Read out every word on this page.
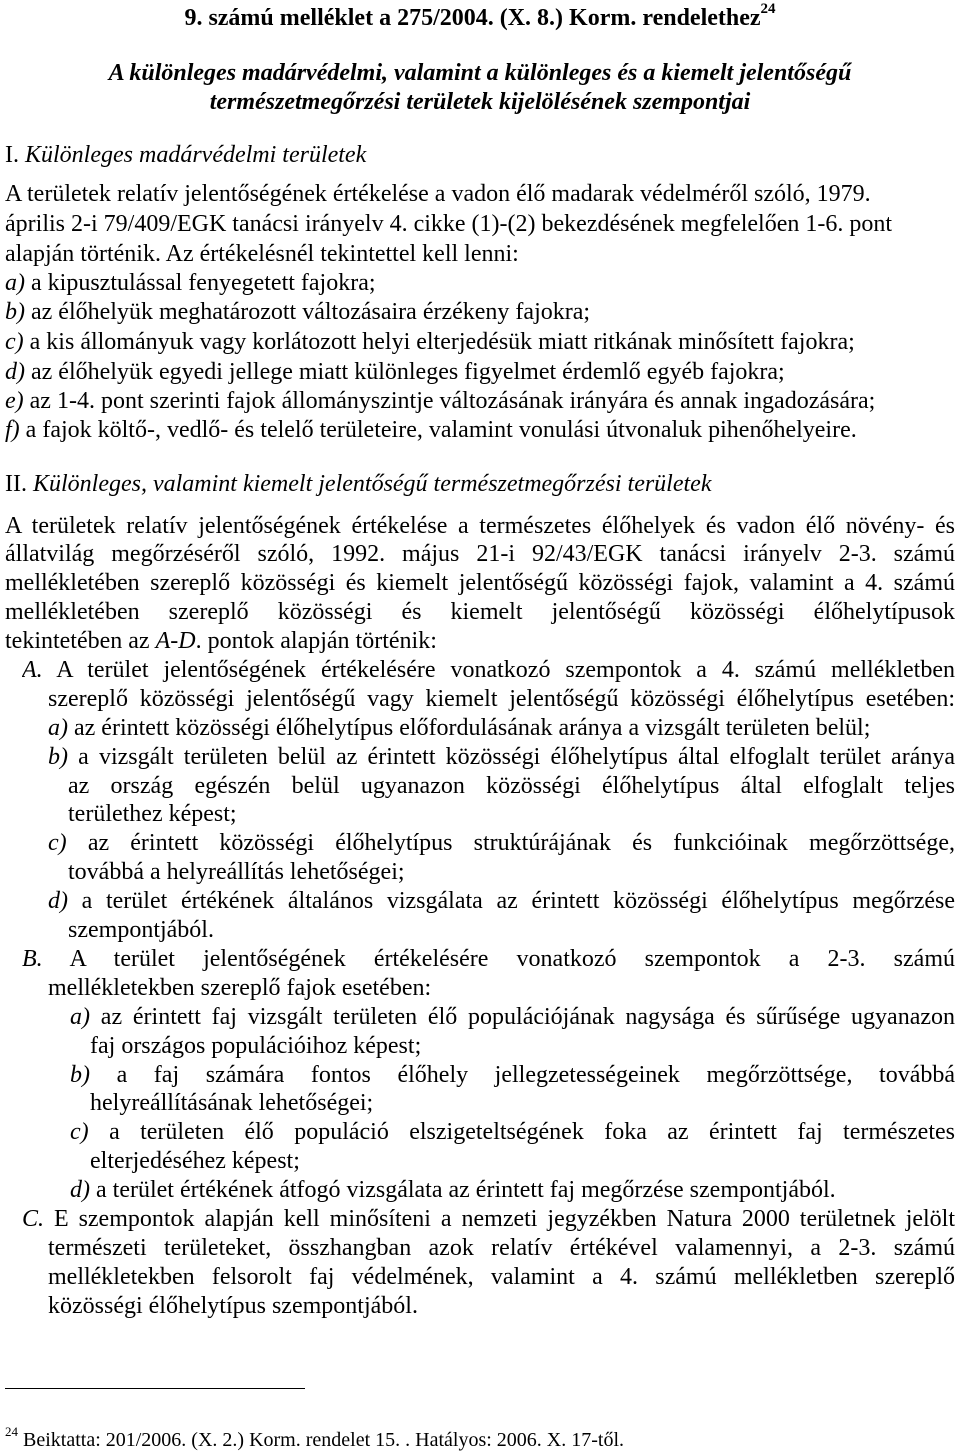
9. számú melléklet a 275/2004. (X. 8.) Korm. rendelethez$^{24}$
A különleges madárvédelmi, valamint a különleges és a kiemelt jelentőségű
természetmegőrzési területek kijelölésének szempontjai
I. Különleges madárvédelmi területek
A területek relatív jelentőségének értékelése a vadon élő madarak védelméről szóló, 1979.
április 2-i 79/409/EGK tanácsi irányelv 4. cikke (1)-(2) bekezdésének megfelelően 1-6. pont
alapján történik. Az értékelésnél tekintettel kell lenni:
a) a kipusztulással fenyegetett fajokra;
b) az élőhelyük meghatározott változásaira érzékeny fajokra;
c) a kis állományuk vagy korlátozott helyi elterjedésük miatt ritkának minősített fajokra;
d) az élőhelyük egyedi jellege miatt különleges figyelmet érdemlő egyéb fajokra;
e) az 1-4. pont szerinti fajok állományszintje változásának irányára és annak ingadozására;
f) a fajok költő-, vedlő- és telelő területeire, valamint vonulási útvonaluk pihenőhelyeire.
II. Különleges, valamint kiemelt jelentőségű természetmegőrzési területek
A területek relatív jelentőségének értékelése a természetes élőhelyek és vadon élő növény- és
állatvilág megőrzéséről szóló, 1992. május 21-i 92/43/EGK tanácsi irányelv 2-3. számú
mellékletében szereplő közösségi és kiemelt jelentőségű közösségi fajok, valamint a 4. számú
mellékletében szereplő közösségi és kiemelt jelentőségű közösségi élőhelytípusok
tekintetében az A-D. pontok alapján történik:
A. A terület jelentőségének értékelésére vonatkozó szempontok a 4. számú mellékletben
szereplő közösségi jelentőségű vagy kiemelt jelentőségű közösségi élőhelytípus esetében:
a) az érintett közösségi élőhelytípus előfordulásának aránya a vizsgált területen belül;
b) a vizsgált területen belül az érintett közösségi élőhelytípus által elfoglalt terület aránya
az ország egészén belül ugyanazon közösségi élőhelytípus által elfoglalt teljes
területhez képest;
c) az érintett közösségi élőhelytípus struktúrájának és funkcióinak megőrzöttsége,
továbbá a helyreállítás lehetőségei;
d) a terület értékének általános vizsgálata az érintett közösségi élőhelytípus megőrzése
szempontjából.
B. A terület jelentőségének értékelésére vonatkozó szempontok a 2-3. számú
mellékletekben szereplő fajok esetében:
a) az érintett faj vizsgált területen élő populációjának nagysága és sűrűsége ugyanazon
faj országos populációihoz képest;
b) a faj számára fontos élőhely jellegzetességeinek megőrzöttsége, továbbá
helyreállításának lehetőségei;
c) a területen élő populáció elszigeteltségének foka az érintett faj természetes
elterjedéséhez képest;
d) a terület értékének átfogó vizsgálata az érintett faj megőrzése szempontjából.
C. E szempontok alapján kell minősíteni a nemzeti jegyzékben Natura 2000 területnek jelölt
természeti területeket, összhangban azok relatív értékével valamennyi, a 2-3. számú
mellékletekben felsorolt faj védelmének, valamint a 4. számú mellékletben szereplő
közösségi élőhelytípus szempontjából.
$^{24}$ Beiktatta: 201/2006. (X. 2.) Korm. rendelet 15. . Hatályos: 2006. X. 17-től.
